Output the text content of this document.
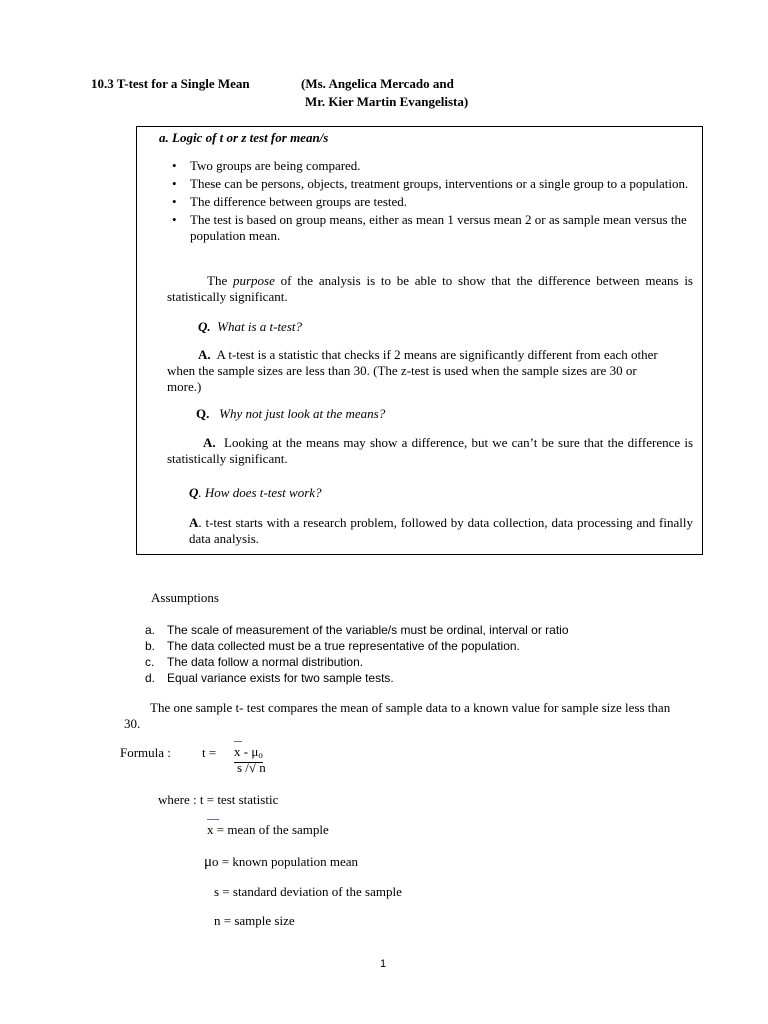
10.3 T-test for a Single Mean	(Ms. Angelica Mercado and
Mr. Kier Martin Evangelista)
a. Logic of t or z test for mean/s
• Two groups are being compared.
• These can be persons, objects, treatment groups, interventions or a single group to a population.
• The difference between groups are tested.
• The test is based on group means, either as mean 1 versus mean 2 or as sample mean versus the population mean.
The purpose of the analysis is to be able to show that the difference between means is statistically significant.
Q. What is a t-test?
A. A t-test is a statistic that checks if 2 means are significantly different from each other when the sample sizes are less than 30. (The z-test is used when the sample sizes are 30 or more.)
Q. Why not just look at the means?
A. Looking at the means may show a difference, but we can’t be sure that the difference is statistically significant.
Q. How does t-test work?
A. t-test starts with a research problem, followed by data collection, data processing and finally data analysis.
Assumptions
a. The scale of measurement of the variable/s must be ordinal, interval or ratio
b. The data collected must be a true representative of the population.
c. The data follow a normal distribution.
d. Equal variance exists for two sample tests.
The one sample t- test compares the mean of sample data to a known value for sample size less than 30.
Formula : $t = x - \mu_o$
s /√ n
where : t = test statistic
x = mean of the sample
μo = known population mean
s = standard deviation of the sample
n = sample size
1
